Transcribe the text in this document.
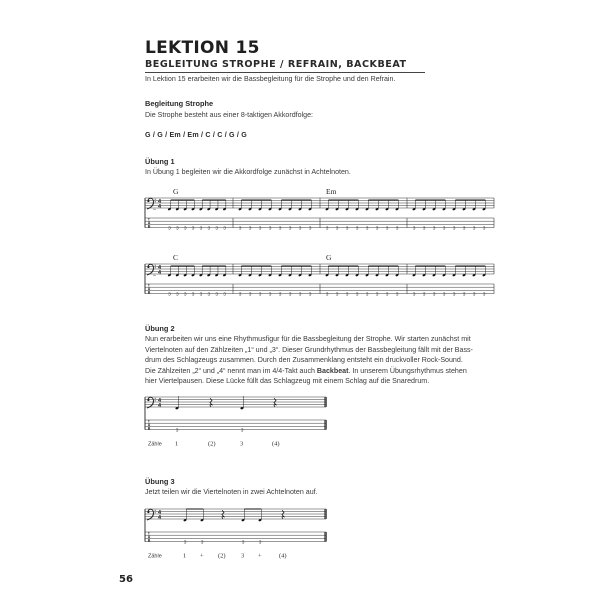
LEKTION 15
BEGLEITUNG STROPHE / REFRAIN, BACKBEAT

In Lektion 15 erarbeiten wir die Bassbegleitung für die Strophe und den Refrain.

Begleitung Strophe

Die Strophe besteht aus einer 8-taktigen Akkordfolge:

G / G / Em / Em / C / C / G / G

Übung 1

In Übung 1 begleiten wir die Akkordfolge zunächst in Achtelnoten.

4
4
T
A
B	3 3 3 3 3 3 3 3	3 3 3 3 3 3 3 3	3 3 3 3 3 3 3 3	3 3 3 3 3 3 3 3
G	Em
4
4
T
A
B	3 3 3 3 3 3 3 3	3 3 3 3 3 3 3 3	3 3 3 3 3 3 3 3	3 3 3 3 3 3 3 3
C	G

Übung 2

Nun erarbeiten wir uns eine Rhythmusfigur für die Bassbegleitung der Strophe. Wir starten zunächst mit

Viertelnoten auf den Zählzeiten „1“ und „3“. Dieser Grundrhythmus der Bassbegleitung fällt mit der Bass-

drum des Schlagzeugs zusammen. Durch den Zusammenklang entsteht ein druckvoller Rock-Sound.

Die Zählzeiten „2“ und „4“ nennt man im 4/4-Takt auch Backbeat. In unserem Übungsrhythmus stehen

hier Viertelpausen. Diese Lücke füllt das Schlagzeug mit einem Schlag auf die Snaredrum.

4
4
T
A
B	3	3
Zähle 1	(2)	3	(4)

Übung 3

Jetzt teilen wir die Viertelnoten in zwei Achtelnoten auf.

4
4
T
A
B	3	3	3	3
Zähle	1 + (2) 3 +	(4)

56
